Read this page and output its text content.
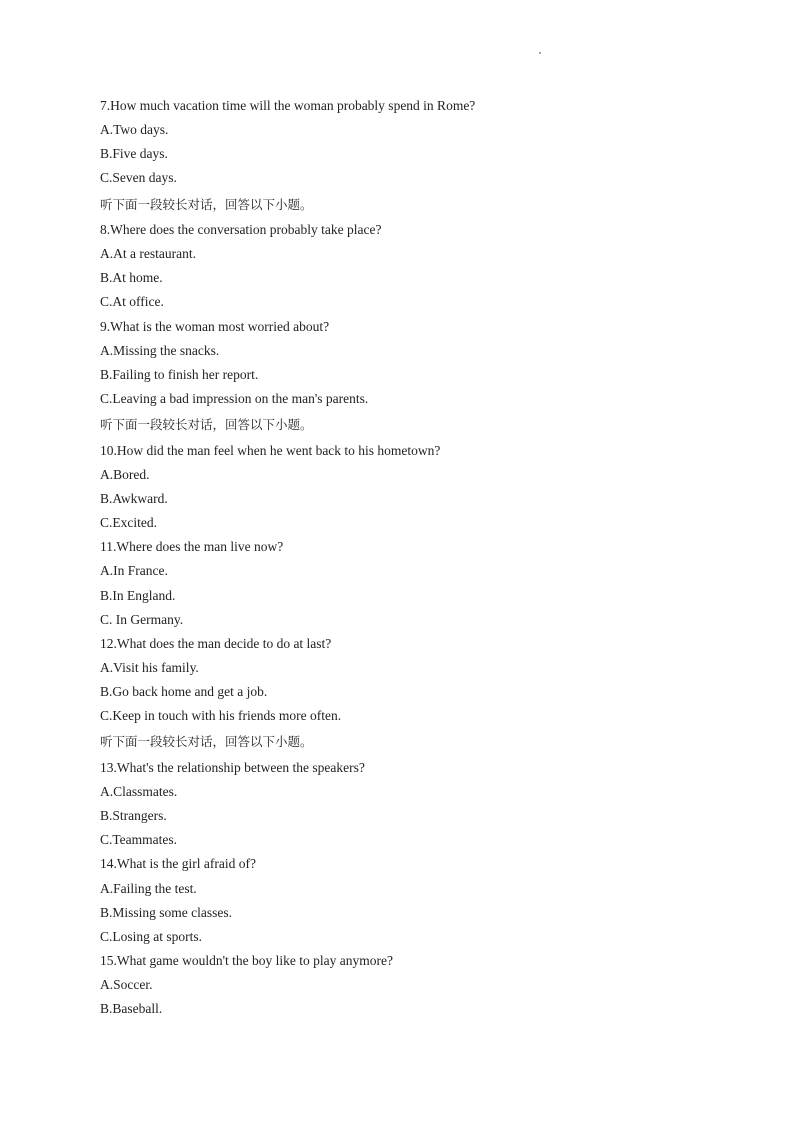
7.How much vacation time will the woman probably spend in Rome?
A.Two days.
B.Five days.
C.Seven days.
听下面一段较长对话，回答以下小题。
8.Where does the conversation probably take place?
A.At a restaurant.
B.At home.
C.At office.
9.What is the woman most worried about?
A.Missing the snacks.
B.Failing to finish her report.
C.Leaving a bad impression on the man's parents.
听下面一段较长对话，回答以下小题。
10.How did the man feel when he went back to his hometown?
A.Bored.
B.Awkward.
C.Excited.
11.Where does the man live now?
A.In France.
B.In England.
C. In Germany.
12.What does the man decide to do at last?
A.Visit his family.
B.Go back home and get a job.
C.Keep in touch with his friends more often.
听下面一段较长对话，回答以下小题。
13.What's the relationship between the speakers?
A.Classmates.
B.Strangers.
C.Teammates.
14.What is the girl afraid of?
A.Failing the test.
B.Missing some classes.
C.Losing at sports.
15.What game wouldn't the boy like to play anymore?
A.Soccer.
B.Baseball.
